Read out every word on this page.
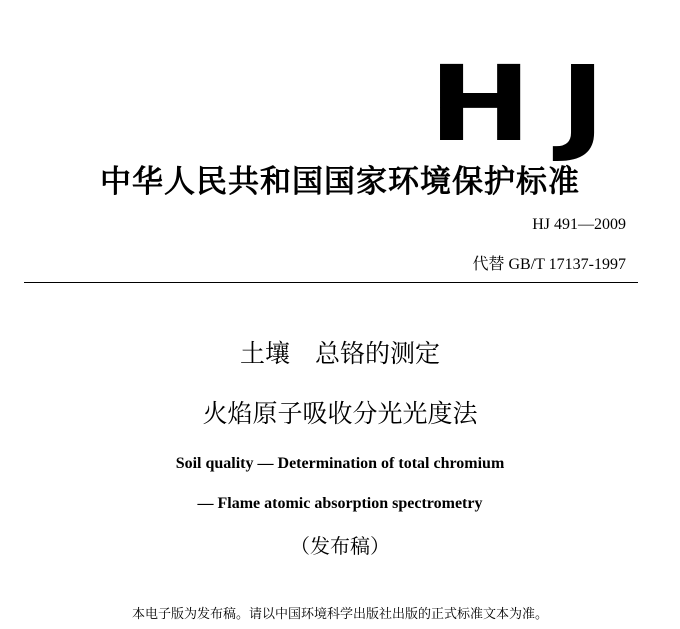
HJ
中华人民共和国国家环境保护标准
HJ 491—2009
代替 GB/T 17137-1997
土壤　总铬的测定
火焰原子吸收分光光度法
Soil quality — Determination of total chromium
— Flame atomic absorption spectrometry
（发布稿）
本电子版为发布稿。请以中国环境科学出版社出版的正式标准文本为准。
